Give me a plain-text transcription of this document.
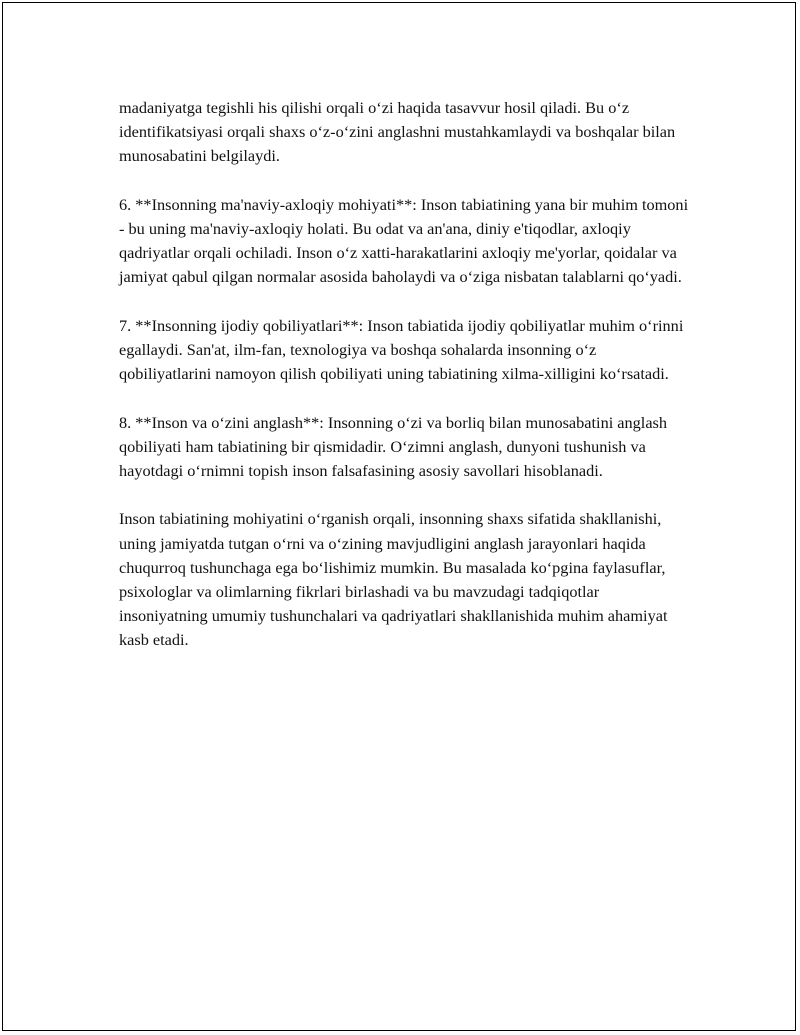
madaniyatga tegishli his qilishi orqali o‘zi haqida tasavvur hosil qiladi. Bu o‘z identifikatsiyasi orqali shaxs o‘z-o‘zini anglashni mustahkamlaydi va boshqalar bilan munosabatini belgilaydi.

6. **Insonning ma'naviy-axloqiy mohiyati**: Inson tabiatining yana bir muhim tomoni - bu uning ma'naviy-axloqiy holati. Bu odat va an'ana, diniy e'tiqodlar, axloqiy qadriyatlar orqali ochiladi. Inson o‘z xatti-harakatlarini axloqiy me'yorlar, qoidalar va jamiyat qabul qilgan normalar asosida baholaydi va o‘ziga nisbatan talablarni qo‘yadi.

7. **Insonning ijodiy qobiliyatlari**: Inson tabiatida ijodiy qobiliyatlar muhim o‘rinni egallaydi. San'at, ilm-fan, texnologiya va boshqa sohalarda insonning o‘z qobiliyatlarini namoyon qilish qobiliyati uning tabiatining xilma-xilligini ko‘rsatadi.

8. **Inson va o‘zini anglash**: Insonning o‘zi va borliq bilan munosabatini anglash qobiliyati ham tabiatining bir qismidadir. O‘zimni anglash, dunyoni tushunish va hayotdagi o‘rnimni topish inson falsafasining asosiy savollari hisoblanadi.

Inson tabiatining mohiyatini o‘rganish orqali, insonning shaxs sifatida shakllanishi, uning jamiyatda tutgan o‘rni va o‘zining mavjudligini anglash jarayonlari haqida chuqurroq tushunchaga ega bo‘lishimiz mumkin. Bu masalada ko‘pgina faylasuflar, psixologlar va olimlarning fikrlari birlashadi va bu mavzudagi tadqiqotlar insoniyatning umumiy tushunchalari va qadriyatlari shakllanishida muhim ahamiyat kasb etadi.
